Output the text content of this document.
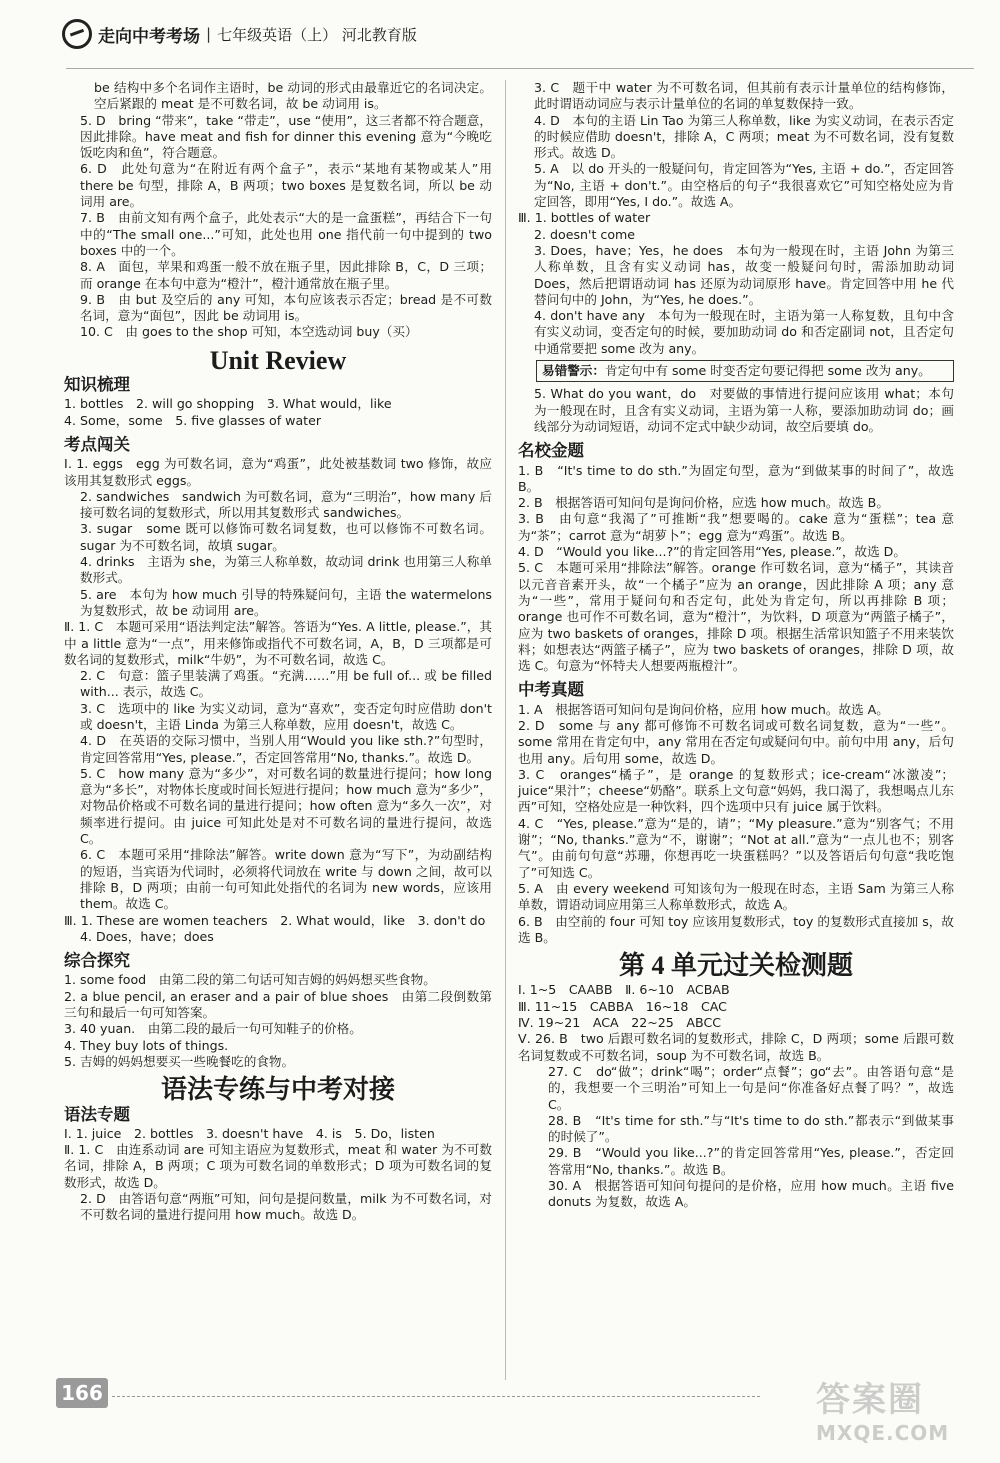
走向中考考场 | 七年级英语（上） 河北教育版

be 结构中多个名词作主语时，be 动词的形式由最靠近它的名词决定。空后紧跟的 meat 是不可数名词，故 be 动词用 is。

5. D　bring “带来”，take “带走”，use “使用”，这三者都不符合题意，因此排除。have meat and fish for dinner this evening 意为“今晚吃饭吃肉和鱼”，符合题意。

6. D　此处句意为“在附近有两个盒子”，表示“某地有某物或某人”用 there be 句型，排除 A，B 两项；two boxes 是复数名词，所以 be 动词用 are。

7. B　由前文知有两个盒子，此处表示“大的是一盒蛋糕”，再结合下一句中的“The small one...”可知，此处也用 one 指代前一句中提到的 two boxes 中的一个。

8. A　面包，苹果和鸡蛋一般不放在瓶子里，因此排除 B，C，D 三项；而 orange 在本句中意为“橙汁”，橙汁通常放在瓶子里。

9. B　由 but 及空后的 any 可知，本句应该表示否定；bread 是不可数名词，意为“面包”，因此 be 动词用 is。

10. C　由 goes to the shop 可知，本空选动词 buy（买）

Unit Review
知识梳理

1. bottles　2. will go shopping　3. What would，like

4. Some，some　5. five glasses of water

考点闯关

Ⅰ. 1. eggs　egg 为可数名词，意为“鸡蛋”，此处被基数词 two 修饰，故应该用其复数形式 eggs。

2. sandwiches　sandwich 为可数名词，意为“三明治”，how many 后接可数名词的复数形式，所以用其复数形式 sandwiches。

3. sugar　some 既可以修饰可数名词复数，也可以修饰不可数名词。sugar 为不可数名词，故填 sugar。

4. drinks　主语为 she，为第三人称单数，故动词 drink 也用第三人称单数形式。

5. are　本句为 how much 引导的特殊疑问句，主语 the watermelons 为复数形式，故 be 动词用 are。

Ⅱ. 1. C　本题可采用“语法判定法”解答。答语为“Yes. A little, please.”，其中 a little 意为“一点”，用来修饰或指代不可数名词，A，B，D 三项都是可数名词的复数形式，milk“牛奶”，为不可数名词，故选 C。

2. C　句意：篮子里装满了鸡蛋。“充满……”用 be full of... 或 be filled with... 表示，故选 C。

3. C　选项中的 like 为实义动词，意为“喜欢”，变否定句时应借助 don't 或 doesn't，主语 Linda 为第三人称单数，应用 doesn't，故选 C。

4. D　在英语的交际习惯中，当别人用“Would you like sth.?”句型时，肯定回答常用“Yes, please.”，否定回答常用“No, thanks.”。故选 D。

5. C　how many 意为“多少”，对可数名词的数量进行提问；how long 意为“多长”，对物体长度或时间长短进行提问；how much 意为“多少”，对物品价格或不可数名词的量进行提问；how often 意为“多久一次”，对频率进行提问。由 juice 可知此处是对不可数名词的量进行提问，故选 C。

6. C　本题可采用“排除法”解答。write down 意为“写下”，为动副结构的短语，当宾语为代词时，必须将代词放在 write 与 down 之间，故可以排除 B，D 两项；由前一句可知此处指代的名词为 new words，应该用 them。故选 C。

Ⅲ. 1. These are women teachers　2. What would，like　3. don't do

4. Does，have；does

综合探究

1. some food　由第二段的第二句话可知吉姆的妈妈想买些食物。

2. a blue pencil, an eraser and a pair of blue shoes　由第二段倒数第三句和最后一句可知答案。

3. 40 yuan.　由第二段的最后一句可知鞋子的价格。

4. They buy lots of things.

5. 吉姆的妈妈想要买一些晚餐吃的食物。

语法专练与中考对接
语法专题

Ⅰ. 1. juice　2. bottles　3. doesn't have　4. is　5. Do，listen

Ⅱ. 1. C　由连系动词 are 可知主语应为复数形式，meat 和 water 为不可数名词，排除 A，B 两项；C 项为可数名词的单数形式；D 项为可数名词的复数形式，故选 D。

2. D　由答语句意“两瓶”可知，问句是提问数量，milk 为不可数名词，对不可数名词的量进行提问用 how much。故选 D。

3. C　题干中 water 为不可数名词，但其前有表示计量单位的结构修饰，此时谓语动词应与表示计量单位的名词的单复数保持一致。

4. D　本句的主语 Lin Tao 为第三人称单数，like 为实义动词，在表示否定的时候应借助 doesn't，排除 A，C 两项；meat 为不可数名词，没有复数形式。故选 D。

5. A　以 do 开头的一般疑问句，肯定回答为“Yes, 主语 + do.”，否定回答为“No, 主语 + don't.”。由空格后的句子“我很喜欢它”可知空格处应为肯定回答，即用“Yes, I do.”。故选 A。

Ⅲ. 1. bottles of water

2. doesn't come

3. Does，have；Yes，he does　本句为一般现在时，主语 John 为第三人称单数，且含有实义动词 has，故变一般疑问句时，需添加助动词 Does，然后把谓语动词 has 还原为动词原形 have。肯定回答中用 he 代替问句中的 John，为“Yes, he does.”。

4. don't have any　本句为一般现在时，主语为第一人称复数，且句中含有实义动词，变否定句的时候，要加助动词 do 和否定副词 not，且否定句中通常要把 some 改为 any。

易错警示：肯定句中有 some 时变否定句要记得把 some 改为 any。

5. What do you want，do　对要做的事情进行提问应该用 what；本句为一般现在时，且含有实义动词，主语为第一人称，要添加助动词 do；画线部分为动词短语，动词不定式中缺少动词，故空后要填 do。

名校金题

1. B　“It's time to do sth.”为固定句型，意为“到做某事的时间了”，故选 B。

2. B　根据答语可知问句是询问价格，应选 how much。故选 B。

3. B　由句意“我渴了”可推断“我”想要喝的。cake 意为“蛋糕”；tea 意为“茶”；carrot 意为“胡萝卜”；egg 意为“鸡蛋”。故选 B。

4. D　“Would you like...?”的肯定回答用“Yes, please.”，故选 D。

5. C　本题可采用“排除法”解答。orange 作可数名词，意为“橘子”，其读音以元音音素开头，故“一个橘子”应为 an orange，因此排除 A 项；any 意为“一些”，常用于疑问句和否定句，此处为肯定句，所以再排除 B 项；orange 也可作不可数名词，意为“橙汁”，为饮料，D 项意为“两篮子橘子”，应为 two baskets of oranges，排除 D 项。根据生活常识知篮子不用来装饮料；如想表达“两篮子橘子”，应为 two baskets of oranges，排除 D 项，故选 C。句意为“怀特夫人想要两瓶橙汁”。

中考真题

1. A　根据答语可知问句是询问价格，应用 how much。故选 A。

2. D　some 与 any 都可修饰不可数名词或可数名词复数，意为“一些”。some 常用在肯定句中，any 常用在否定句或疑问句中。前句中用 any，后句也用 any。后句用 some，故选 D。

3. C　oranges“橘子”，是 orange 的复数形式；ice-cream“冰激凌”；juice“果汁”；cheese“奶酪”。联系上文句意“妈妈，我口渴了，我想喝点儿东西”可知，空格处应是一种饮料，四个选项中只有 juice 属于饮料。

4. C　“Yes, please.”意为“是的，请”；“My pleasure.”意为“别客气；不用谢”；“No, thanks.”意为“不，谢谢”；“Not at all.”意为“一点儿也不；别客气”。由前句句意“苏珊，你想再吃一块蛋糕吗？”以及答语后句句意“我吃饱了”可知选 C。

5. A　由 every weekend 可知该句为一般现在时态，主语 Sam 为第三人称单数，谓语动词应用第三人称单数形式，故选 A。

6. B　由空前的 four 可知 toy 应该用复数形式，toy 的复数形式直接加 s，故选 B。

第 4 单元过关检测题

Ⅰ. 1~5　CAABB　Ⅱ. 6~10　ACBAB

Ⅲ. 11~15　CABBA　16~18　CAC

Ⅳ. 19~21　ACA　22~25　ABCC

Ⅴ. 26. B　two 后跟可数名词的复数形式，排除 C，D 两项；some 后跟可数名词复数或不可数名词，soup 为不可数名词，故选 B。

27. C　do“做”；drink“喝”；order“点餐”；go“去”。由答语句意“是的，我想要一个三明治”可知上一句是问“你准备好点餐了吗？”，故选 C。

28. B　“It's time for sth.”与“It's time to do sth.”都表示“到做某事的时候了”。

29. B　“Would you like...?”的肯定回答常用“Yes, please.”，否定回答常用“No, thanks.”。故选 B。

30. A　根据答语可知问句提问的是价格，应用 how much。主语 five donuts 为复数，故选 A。

166	答案圈
MXQE.COM
